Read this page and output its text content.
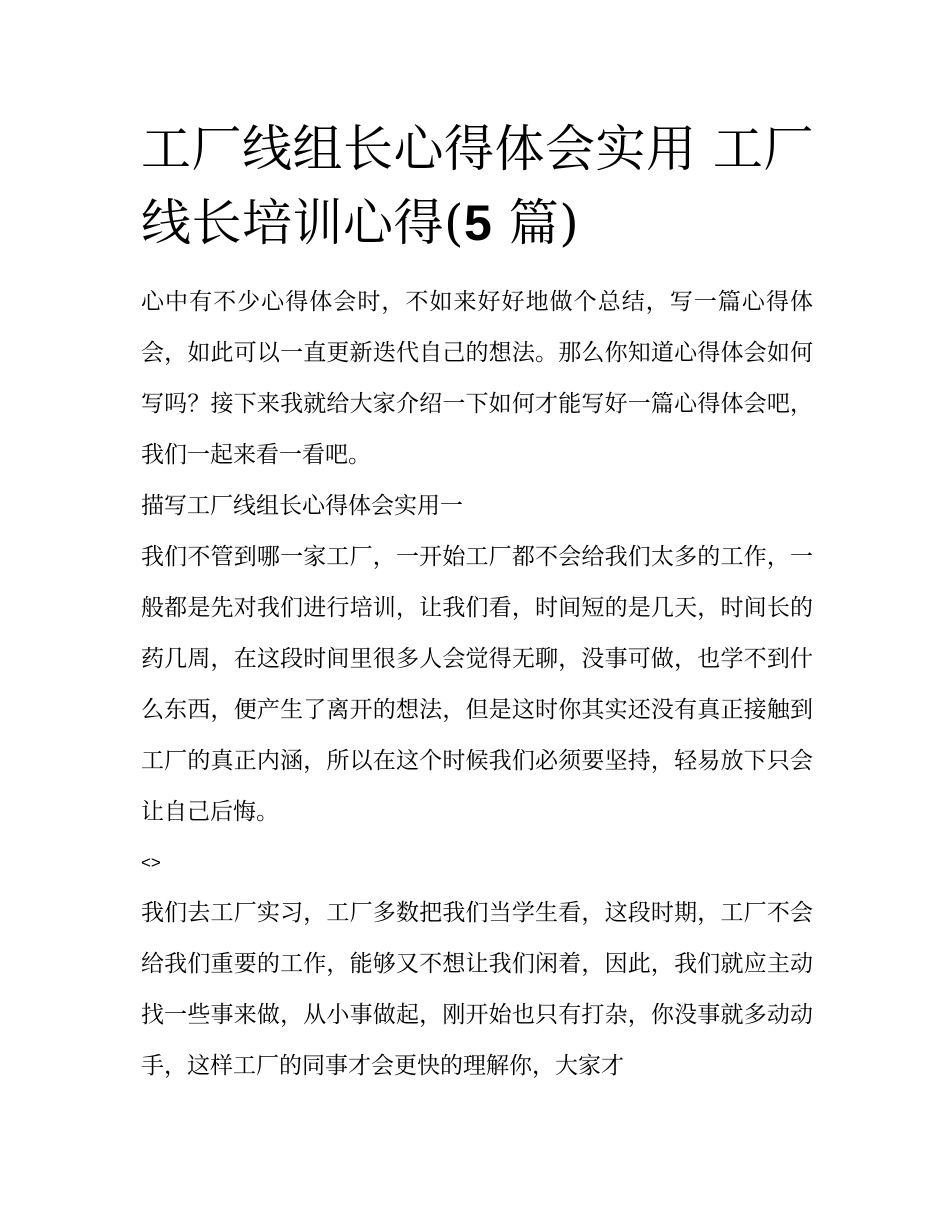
工厂线组长心得体会实用 工厂线长培训心得(5 篇)

心中有不少心得体会时，不如来好好地做个总结，写一篇心得体会，如此可以一直更新迭代自己的想法。那么你知道心得体会如何写吗？接下来我就给大家介绍一下如何才能写好一篇心得体会吧，我们一起来看一看吧。

描写工厂线组长心得体会实用一

我们不管到哪一家工厂，一开始工厂都不会给我们太多的工作，一般都是先对我们进行培训，让我们看，时间短的是几天，时间长的药几周，在这段时间里很多人会觉得无聊，没事可做，也学不到什么东西，便产生了离开的想法，但是这时你其实还没有真正接触到工厂的真正内涵，所以在这个时候我们必须要坚持，轻易放下只会让自己后悔。

<>

我们去工厂实习，工厂多数把我们当学生看，这段时期，工厂不会给我们重要的工作，能够又不想让我们闲着，因此，我们就应主动找一些事来做，从小事做起，刚开始也只有打杂，你没事就多动动手，这样工厂的同事才会更快的理解你，大家才
